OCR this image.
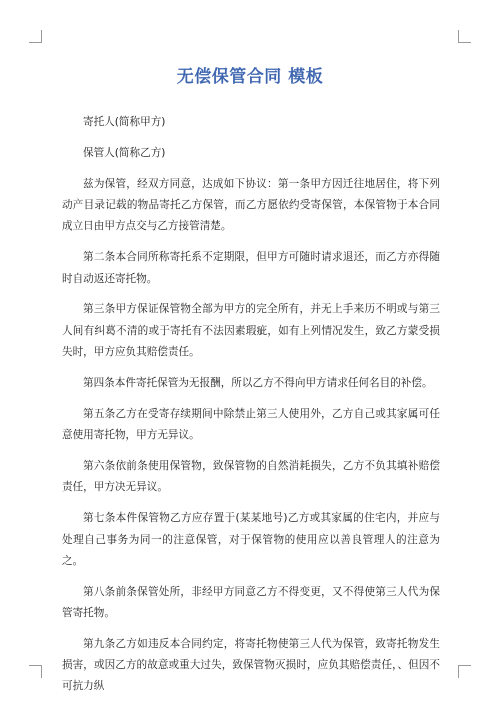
无偿保管合同 模板
寄托人(简称甲方)
保管人(简称乙方)

兹为保管，经双方同意，达成如下协议：第一条甲方因迁往地居住，将下列动产目录记载的物品寄托乙方保管，而乙方愿依约受寄保管，本保管物于本合同成立日由甲方点交与乙方接管清楚。

第二条本合同所称寄托系不定期限，但甲方可随时请求退还，而乙方亦得随时自动返还寄托物。

第三条甲方保证保管物全部为甲方的完全所有，并无上手来历不明或与第三人间有纠葛不清的或于寄托有不法因素瑕疵，如有上列情况发生，致乙方蒙受损失时，甲方应负其赔偿责任。

第四条本件寄托保管为无报酬，所以乙方不得向甲方请求任何名目的补偿。

第五条乙方在受寄存续期间中除禁止第三人使用外，乙方自己或其家属可任意使用寄托物，甲方无异议。

第六条依前条使用保管物，致保管物的自然消耗损失，乙方不负其填补赔偿责任，甲方决无异议。

第七条本件保管物乙方应存置于(某某地号)乙方或其家属的住宅内，并应与处理自己事务为同一的注意保管，对于保管物的使用应以善良管理人的注意为之。

第八条前条保管处所，非经甲方同意乙方不得变更，又不得使第三人代为保管寄托物。

第九条乙方如违反本合同约定，将寄托物使第三人代为保管，致寄托物发生损害，或因乙方的故意或重大过失，致保管物灭损时，应负其赔偿责任，、但因不可抗力纵
